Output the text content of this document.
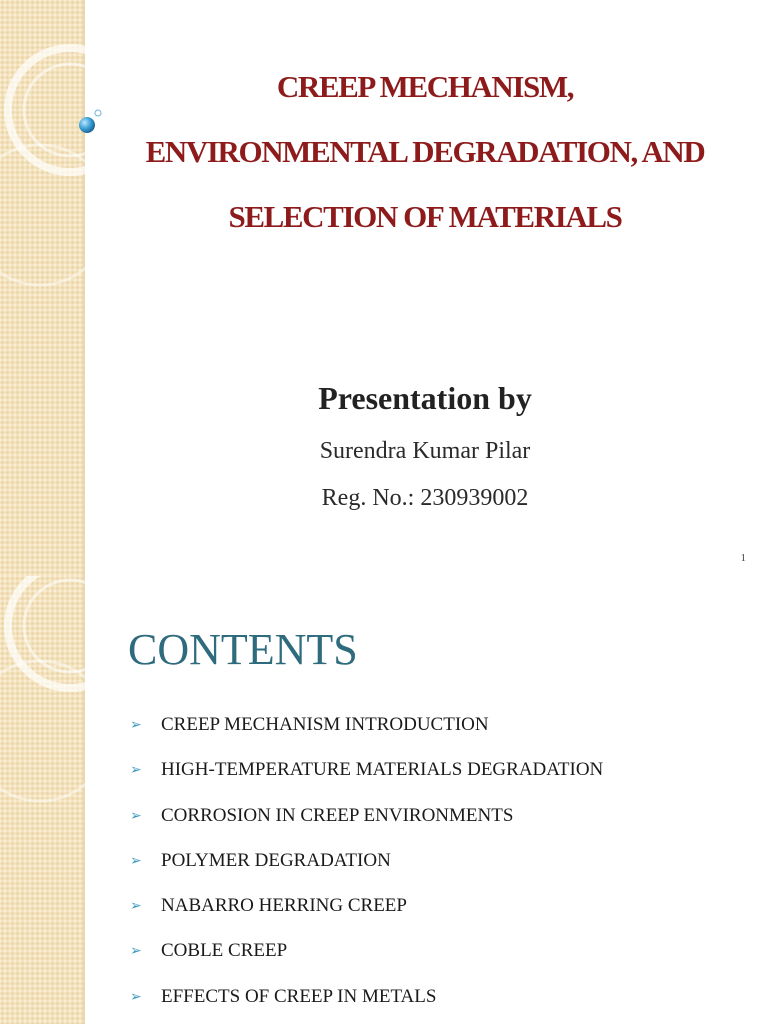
CREEP MECHANISM,
ENVIRONMENTAL DEGRADATION, AND
SELECTION OF MATERIALS
Presentation by
Surendra Kumar Pilar
Reg. No.: 230939002
1
CONTENTS
➢	CREEP MECHANISM INTRODUCTION
➢	HIGH-TEMPERATURE MATERIALS DEGRADATION
➢	CORROSION IN CREEP ENVIRONMENTS
➢	POLYMER DEGRADATION
➢	NABARRO HERRING CREEP
➢	COBLE CREEP
➢	EFFECTS OF CREEP IN METALS
